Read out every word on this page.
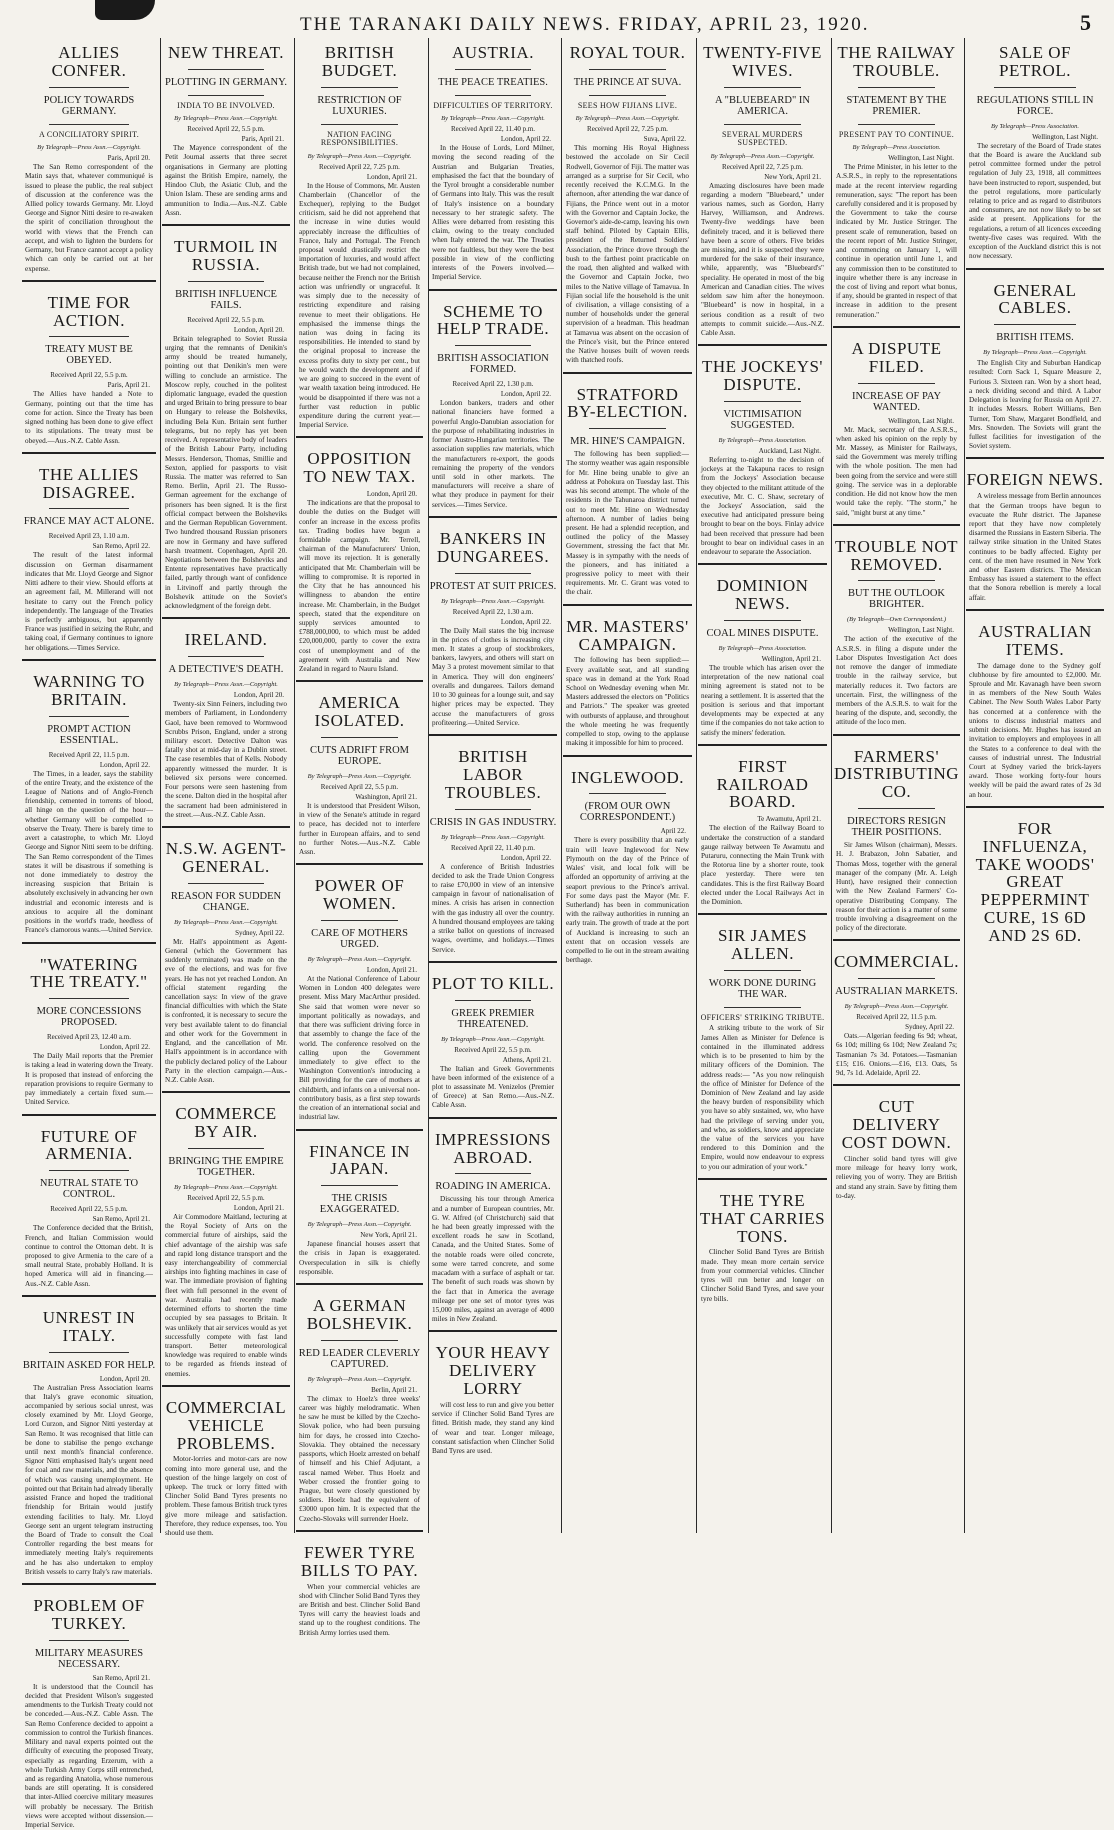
THE TARANAKI DAILY NEWS. FRIDAY, APRIL 23, 1920.	5
ALLIES CONFER.
POLICY TOWARDS GERMANY.
A CONCILIATORY SPIRIT.
By Telegraph—Press Assn.—Copyright.
Paris, April 20.
The San Remo correspondent of the Matin says that, whatever communiqué is issued to please the public, the real subject of discussion at the conference was the Allied policy towards Germany. Mr. Lloyd George and Signor Nitti desire to re-awaken the spirit of conciliation throughout the world with views that the French can accept, and wish to lighten the burdens for Germany, but France cannot accept a policy which can only be carried out at her expense.
TIME FOR ACTION.
TREATY MUST BE OBEYED.
Received April 22, 5.5 p.m.
Paris, April 21.
The Allies have handed a Note to Germany, pointing out that the time has come for action. Since the Treaty has been signed nothing has been done to give effect to its stipulations. The treaty must be obeyed.—Aus.-N.Z. Cable Assn.
THE ALLIES DISAGREE.
FRANCE MAY ACT ALONE.
Received April 23, 1.10 a.m.
San Remo, April 22.
The result of the latest informal discussion on German disarmament indicates that Mr. Lloyd George and Signor Nitti adhere to their view. Should efforts at an agreement fail, M. Millerand will not hesitate to carry out the French policy independently. The language of the Treaties is perfectly ambiguous, but apparently France was justified in seizing the Ruhr, and taking coal, if Germany continues to ignore her obligations.—Times Service.
WARNING TO BRITAIN.
PROMPT ACTION ESSENTIAL.
Received April 22, 11.5 p.m.
London, April 22.
The Times, in a leader, says the stability of the entire Treaty, and the existence of the League of Nations and of Anglo-French friendship, cemented in torrents of blood, all hinge on the question of the hour—whether Germany will be compelled to observe the Treaty. There is barely time to avert a catastrophe, to which Mr. Lloyd George and Signor Nitti seem to be drifting. The San Remo correspondent of the Times states it will be disastrous if something is not done immediately to destroy the increasing suspicion that Britain is absolutely exclusively in advancing her own industrial and economic interests and is anxious to acquire all the dominant positions in the world's trade, heedless of France's clamorous wants.—United Service.
"WATERING THE TREATY."
MORE CONCESSIONS PROPOSED.
Received April 23, 12.40 a.m.
London, April 22.
The Daily Mail reports that the Premier is taking a lead in watering down the Treaty. It is proposed that instead of enforcing the reparation provisions to require Germany to pay immediately a certain fixed sum.—United Service.
FUTURE OF ARMENIA.
NEUTRAL STATE TO CONTROL.
Received April 22, 5.5 p.m.
San Remo, April 21.
The Conference decided that the British, French, and Italian Commission would continue to control the Ottoman debt. It is proposed to give Armenia to the care of a small neutral State, probably Holland. It is hoped America will aid in financing.—Aus.-N.Z. Cable Assn.
UNREST IN ITALY.
BRITAIN ASKED FOR HELP.
London, April 20.
The Australian Press Association learns that Italy's grave economic situation, accompanied by serious social unrest, was closely examined by Mr. Lloyd George, Lord Curzon, and Signor Nitti yesterday at San Remo. It was recognised that little can be done to stabilise the pengo exchange until next month's financial conference. Signor Nitti emphasised Italy's urgent need for coal and raw materials, and the absence of which was causing unemployment. He pointed out that Britain had already liberally assisted France and hoped the traditional friendship for Britain would justify extending facilities to Italy. Mr. Lloyd George sent an urgent telegram instructing the Board of Trade to consult the Coal Controller regarding the best means for immediately meeting Italy's requirements and he has also undertaken to employ British vessels to carry Italy's raw materials.
PROBLEM OF TURKEY.
MILITARY MEASURES NECESSARY.
San Remo, April 21.
It is understood that the Council has decided that President Wilson's suggested amendments to the Turkish Treaty could not be conceded.—Aus.-N.Z. Cable Assn. The San Remo Conference decided to appoint a commission to control the Turkish finances. Military and naval experts pointed out the difficulty of executing the proposed Treaty, especially as regarding Erzerum, with a whole Turkish Army Corps still entrenched, and as regarding Anatolia, whose numerous bands are still operating. It is considered that inter-Allied coercive military measures will probably be necessary. The British views were accepted without dissension.—Imperial Service.
NEW THREAT.
PLOTTING IN GERMANY.
INDIA TO BE INVOLVED.
By Telegraph—Press Assn.—Copyright.
Received April 22, 5.5 p.m.
Paris, April 21.
The Mayence correspondent of the Petit Journal asserts that three secret organisations in Germany are plotting against the British Empire, namely, the Hindoo Club, the Asiatic Club, and the Union Islam. These are sending arms and ammunition to India.—Aus.-N.Z. Cable Assn.
TURMOIL IN RUSSIA.
BRITISH INFLUENCE FAILS.
Received April 22, 5.5 p.m.
London, April 20.
Britain telegraphed to Soviet Russia urging that the remnants of Denikin's army should be treated humanely, pointing out that Denikin's men were willing to conclude an armistice. The Moscow reply, couched in the politest diplomatic language, evaded the question and urged Britain to bring pressure to bear on Hungary to release the Bolsheviks, including Bela Kun. Britain sent further telegrams, but no reply has yet been received. A representative body of leaders of the British Labour Party, including Messrs. Henderson, Thomas, Smillie and Sexton, applied for passports to visit Russia. The matter was referred to San Remo. Berlin, April 21. The Russo-German agreement for the exchange of prisoners has been signed. It is the first official compact between the Bolsheviks and the German Republican Government. Two hundred thousand Russian prisoners are now in Germany and have suffered harsh treatment. Copenhagen, April 20. Negotiations between the Bolsheviks and Entente representatives have practically failed, partly through want of confidence in Litvinoff and partly through the Bolshevik attitude on the Soviet's acknowledgment of the foreign debt.
IRELAND.
A DETECTIVE'S DEATH.
By Telegraph—Press Assn.—Copyright.
London, April 20.
Twenty-six Sinn Feiners, including two members of Parliament, in Londonderry Gaol, have been removed to Wormwood Scrubbs Prison, England, under a strong military escort. Detective Dalton was fatally shot at mid-day in a Dublin street. The case resembles that of Kells. Nobody apparently witnessed the murder. It is believed six persons were concerned. Four persons were seen hastening from the scene. Dalton died in the hospital after the sacrament had been administered in the street.—Aus.-N.Z. Cable Assn.
N.S.W. AGENT-GENERAL.
REASON FOR SUDDEN CHANGE.
By Telegraph—Press Assn.—Copyright.
Sydney, April 22.
Mr. Hall's appointment as Agent-General (which the Government has suddenly terminated) was made on the eve of the elections, and was for five years. He has not yet reached London. An official statement regarding the cancellation says: In view of the grave financial difficulties with which the State is confronted, it is necessary to secure the very best available talent to do financial and other work for the Government in England, and the cancellation of Mr. Hall's appointment is in accordance with the publicly declared policy of the Labour Party in the election campaign.—Aus.-N.Z. Cable Assn.
COMMERCE BY AIR.
BRINGING THE EMPIRE TOGETHER.
By Telegraph—Press Assn.—Copyright.
Received April 22, 5.5 p.m.
London, April 21.
Air Commodore Maitland, lecturing at the Royal Society of Arts on the commercial future of airships, said the chief advantage of the airship was safe and rapid long distance transport and the easy interchangeability of commercial airships into fighting machines in case of war. The immediate provision of fighting fleet with full personnel in the event of war. Australia had recently made determined efforts to shorten the time occupied by sea passages to Britain. It was unlikely that air services would as yet successfully compete with fast land transport. Better meteorological knowledge was required to enable winds to be regarded as friends instead of enemies.
COMMERCIAL VEHICLE PROBLEMS.
Motor-lorries and motor-cars are now coming into more general use, and the question of the hinge largely on cost of upkeep. The truck or lorry fitted with Clincher Solid Band Tyres presents no problem. These famous British truck tyres give more mileage and satisfaction. Therefore, they reduce expenses, too. You should use them.
BRITISH BUDGET.
RESTRICTION OF LUXURIES.
NATION FACING RESPONSIBILITIES.
By Telegraph—Press Assn.—Copyright.
Received April 22, 7.25 p.m.
London, April 21.
In the House of Commons, Mr. Austen Chamberlain (Chancellor of the Exchequer), replying to the Budget criticism, said he did not apprehend that the increase in wine duties would appreciably increase the difficulties of France, Italy and Portugal. The French proposal would drastically restrict the importation of luxuries, and would affect British trade, but we had not complained, because neither the French nor the British action was unfriendly or ungraceful. It was simply due to the necessity of restricting expenditure and raising revenue to meet their obligations. He emphasised the immense things the nation was doing in facing its responsibilities. He intended to stand by the original proposal to increase the excess profits duty to sixty per cent., but he would watch the development and if we are going to succeed in the event of war wealth taxation being introduced. He would be disappointed if there was not a further vast reduction in public expenditure during the current year.—Imperial Service.
OPPOSITION TO NEW TAX.
London, April 20.
The indications are that the proposal to double the duties on the Budget will confer an increase in the excess profits tax. Trading bodies have begun a formidable campaign. Mr. Terrell, chairman of the Manufacturers' Union, will move its rejection. It is generally anticipated that Mr. Chamberlain will be willing to compromise. It is reported in the City that he has announced his willingness to abandon the entire increase. Mr. Chamberlain, in the Budget speech, stated that the expenditure on supply services amounted to £788,000,000, to which must be added £20,000,000, partly to cover the extra cost of unemployment and of the agreement with Australia and New Zealand in regard to Nauru Island.
AMERICA ISOLATED.
CUTS ADRIFT FROM EUROPE.
By Telegraph—Press Assn.—Copyright.
Received April 22, 5.5 p.m.
Washington, April 21.
It is understood that President Wilson, in view of the Senate's attitude in regard to peace, has decided not to interfere further in European affairs, and to send no further Notes.—Aus.-N.Z. Cable Assn.
POWER OF WOMEN.
CARE OF MOTHERS URGED.
By Telegraph—Press Assn.—Copyright.
London, April 21.
At the National Conference of Labour Women in London 400 delegates were present. Miss Mary MacArthur presided. She said that women were never so important politically as nowadays, and that there was sufficient driving force in that assembly to change the face of the world. The conference resolved on the calling upon the Government immediately to give effect to the Washington Convention's introducing a Bill providing for the care of mothers at childbirth, and infants on a universal non-contributory basis, as a first step towards the creation of an international social and industrial law.
FINANCE IN JAPAN.
THE CRISIS EXAGGERATED.
By Telegraph—Press Assn.—Copyright.
New York, April 21.
Japanese financial houses assert that the crisis in Japan is exaggerated. Overspeculation in silk is chiefly responsible.
A GERMAN BOLSHEVIK.
RED LEADER CLEVERLY CAPTURED.
By Telegraph—Press Assn.—Copyright.
Berlin, April 21.
The climax to Hoelz's three weeks' career was highly melodramatic. When he saw he must be killed by the Czecho-Slovak police, who had been pursuing him for days, he crossed into Czecho-Slovakia. They obtained the necessary passports, which Hoelz arrested on behalf of himself and his Chief Adjutant, a rascal named Weber. Thus Hoelz and Weber crossed the frontier going to Prague, but were closely questioned by soldiers. Hoelz had the equivalent of £3000 upon him. It is expected that the Czecho-Slovaks will surrender Hoelz.
FEWER TYRE BILLS TO PAY.
When your commercial vehicles are shod with Clincher Solid Band Tyres they are British and best. Clincher Solid Band Tyres will carry the heaviest loads and stand up to the roughest conditions. The British Army lorries used them.
AUSTRIA.
THE PEACE TREATIES.
DIFFICULTIES OF TERRITORY.
By Telegraph—Press Assn.—Copyright.
Received April 22, 11.40 p.m.
London, April 22.
In the House of Lords, Lord Milner, moving the second reading of the Austrian and Bulgarian Treaties, emphasised the fact that the boundary of the Tyrol brought a considerable number of Germans into Italy. This was the result of Italy's insistence on a boundary necessary to her strategic safety. The Allies were debarred from resisting this claim, owing to the treaty concluded when Italy entered the war. The Treaties were not faultless, but they were the best possible in view of the conflicting interests of the Powers involved.—Imperial Service.
SCHEME TO HELP TRADE.
BRITISH ASSOCIATION FORMED.
Received April 22, 1.30 p.m.
London, April 22.
London bankers, traders and other national financiers have formed a powerful Anglo-Danubian association for the purpose of rehabilitating industries in former Austro-Hungarian territories. The association supplies raw materials, which the manufacturers re-export, the goods remaining the property of the vendors until sold in other markets. The manufacturers will receive a share of what they produce in payment for their services.—Times Service.
BANKERS IN DUNGAREES.
PROTEST AT SUIT PRICES.
By Telegraph—Press Assn.—Copyright.
Received April 22, 1.30 a.m.
London, April 22.
The Daily Mail states the big increase in the prices of clothes is increasing city men. It states a group of stockbrokers, bankers, lawyers, and others will start on May 3 a protest movement similar to that in America. They will don engineers' overalls and dungarees. Tailors demand 10 to 30 guineas for a lounge suit, and say higher prices may be expected. They accuse the manufacturers of gross profiteering.—United Service.
BRITISH LABOR TROUBLES.
CRISIS IN GAS INDUSTRY.
By Telegraph—Press Assn.—Copyright.
Received April 22, 11.40 p.m.
London, April 22.
A conference of British Industries decided to ask the Trade Union Congress to raise £70,000 in view of an intensive campaign in favour of nationalisation of mines. A crisis has arisen in connection with the gas industry all over the country. A hundred thousand employees are taking a strike ballot on questions of increased wages, overtime, and holidays.—Times Service.
PLOT TO KILL.
GREEK PREMIER THREATENED.
By Telegraph—Press Assn.—Copyright.
Received April 22, 5.5 p.m.
Athens, April 21.
The Italian and Greek Governments have been informed of the existence of a plot to assassinate M. Venizelos (Premier of Greece) at San Remo.—Aus.-N.Z. Cable Assn.
IMPRESSIONS ABROAD.
ROADING IN AMERICA.
Discussing his tour through America and a number of European countries, Mr. G. W. Alfred (of Christchurch) said that he had been greatly impressed with the excellent roads he saw in Scotland, Canada, and the United States. Some of the notable roads were oiled concrete, some were tarred concrete, and some macadam with a surface of asphalt or tar. The benefit of such roads was shown by the fact that in America the average mileage per one set of motor tyres was 15,000 miles, against an average of 4000 miles in New Zealand.
YOUR HEAVY DELIVERY LORRY
will cost less to run and give you better service if Clincher Solid Band Tyres are fitted. British made, they stand any kind of wear and tear. Longer mileage, constant satisfaction when Clincher Solid Band Tyres are used.
ROYAL TOUR.
THE PRINCE AT SUVA.
SEES HOW FIJIANS LIVE.
By Telegraph—Press Assn.—Copyright.
Received April 22, 7.25 p.m.
Suva, April 22.
This morning His Royal Highness bestowed the accolade on Sir Cecil Rodwell, Governor of Fiji. The matter was arranged as a surprise for Sir Cecil, who recently received the K.C.M.G. In the afternoon, after attending the war dance of Fijians, the Prince went out in a motor with the Governor and Captain Jocke, the Governor's aide-de-camp, leaving his own staff behind. Piloted by Captain Ellis, president of the Returned Soldiers' Association, the Prince drove through the bush to the farthest point practicable on the road, then alighted and walked with the Governor and Captain Jocke, two miles to the Native village of Tamavua. In Fijian social life the household is the unit of civilisation, a village consisting of a number of households under the general supervision of a headman. This headman at Tamavua was absent on the occasion of the Prince's visit, but the Prince entered the Native houses built of woven reeds with thatched roofs.
STRATFORD BY-ELECTION.
MR. HINE'S CAMPAIGN.
The following has been supplied:— The stormy weather was again responsible for Mr. Hine being unable to give an address at Pohokura on Tuesday last. This was his second attempt. The whole of the residents in the Tahunaroa district turned out to meet Mr. Hine on Wednesday afternoon. A number of ladies being present. He had a splendid reception, and outlined the policy of the Massey Government, stressing the fact that Mr. Massey is in sympathy with the needs of the pioneers, and has initiated a progressive policy to meet with their requirements. Mr. C. Grant was voted to the chair.
MR. MASTERS' CAMPAIGN.
The following has been supplied:—Every available seat, and all standing space was in demand at the York Road School on Wednesday evening when Mr. Masters addressed the electors on "Politics and Patriots." The speaker was greeted with outbursts of applause, and throughout the whole meeting he was frequently compelled to stop, owing to the applause making it impossible for him to proceed.
INGLEWOOD.
(FROM OUR OWN CORRESPONDENT.)
April 22.
There is every possibility that an early train will leave Inglewood for New Plymouth on the day of the Prince of Wales' visit, and local folk will be afforded an opportunity of arriving at the seaport previous to the Prince's arrival. For some days past the Mayor (Mr. F. Sutherland) has been in communication with the railway authorities in running an early train. The growth of trade at the port of Auckland is increasing to such an extent that on occasion vessels are compelled to lie out in the stream awaiting berthage.
TWENTY-FIVE WIVES.
A "BLUEBEARD" IN AMERICA.
SEVERAL MURDERS SUSPECTED.
By Telegraph—Press Assn.—Copyright.
Received April 22, 7.25 p.m.
New York, April 21.
Amazing disclosures have been made regarding a modern "Bluebeard," under various names, such as Gordon, Harry Harvey, Williamson, and Andrews. Twenty-five weddings have been definitely traced, and it is believed there have been a score of others. Five brides are missing, and it is suspected they were murdered for the sake of their insurance, while, apparently, was "Bluebeard's" speciality. He operated in most of the big American and Canadian cities. The wives seldom saw him after the honeymoon. "Bluebeard" is now in hospital, in a serious condition as a result of two attempts to commit suicide.—Aus.-N.Z. Cable Assn.
THE JOCKEYS' DISPUTE.
VICTIMISATION SUGGESTED.
By Telegraph—Press Association.
Auckland, Last Night.
Referring to-night to the decision of jockeys at the Takapuna races to resign from the Jockeys' Association because they objected to the militant attitude of the executive, Mr. C. C. Shaw, secretary of the Jockeys' Association, said the executive had anticipated pressure being brought to bear on the boys. Finlay advice had been received that pressure had been brought to bear on individual cases in an endeavour to separate the Association.
DOMINION NEWS.
COAL MINES DISPUTE.
By Telegraph—Press Association.
Wellington, April 21.
The trouble which has arisen over the interpretation of the new national coal mining agreement is stated not to be nearing a settlement. It is asserted that the position is serious and that important developments may be expected at any time if the companies do not take action to satisfy the miners' federation.
FIRST RAILROAD BOARD.
Te Awamutu, April 21.
The election of the Railway Board to undertake the construction of a standard gauge railway between Te Awamutu and Putaruru, connecting the Main Trunk with the Rotorua line by a shorter route, took place yesterday. There were ten candidates. This is the first Railway Board elected under the Local Railways Act in the Dominion.
SIR JAMES ALLEN.
WORK DONE DURING THE WAR.
OFFICERS' STRIKING TRIBUTE.
A striking tribute to the work of Sir James Allen as Minister for Defence is contained in the illuminated address which is to be presented to him by the military officers of the Dominion. The address reads:— "As you now relinquish the office of Minister for Defence of the Dominion of New Zealand and lay aside the heavy burden of responsibility which you have so ably sustained, we, who have had the privilege of serving under you, and who, as soldiers, know and appreciate the value of the services you have rendered to this Dominion and the Empire, would now endeavour to express to you our admiration of your work."
THE TYRE THAT CARRIES TONS.
Clincher Solid Band Tyres are British made. They mean more certain service from your commercial vehicles. Clincher tyres will run better and longer on Clincher Solid Band Tyres, and save your tyre bills.
THE RAILWAY TROUBLE.
STATEMENT BY THE PREMIER.
PRESENT PAY TO CONTINUE.
By Telegraph—Press Association.
Wellington, Last Night.
The Prime Minister, in his letter to the A.S.R.S., in reply to the representations made at the recent interview regarding remuneration, says: "The report has been carefully considered and it is proposed by the Government to take the course indicated by Mr. Justice Stringer. The present scale of remuneration, based on the recent report of Mr. Justice Stringer, and commencing on January 1, will continue in operation until June 1, and any commission then to be constituted to inquire whether there is any increase in the cost of living and report what bonus, if any, should be granted in respect of that increase in addition to the present remuneration."
A DISPUTE FILED.
INCREASE OF PAY WANTED.
Wellington, Last Night.
Mr. Mack, secretary of the A.S.R.S., when asked his opinion on the reply by Mr. Massey, as Minister for Railways, said the Government was merely trifling with the whole position. The men had been going from the service and were still going. The service was in a deplorable condition. He did not know how the men would take the reply. "The storm," he said, "might burst at any time."
TROUBLE NOT REMOVED.
BUT THE OUTLOOK BRIGHTER.
(By Telegraph—Own Correspondent.)
Wellington, Last Night.
The action of the executive of the A.S.R.S. in filing a dispute under the Labor Disputes Investigation Act does not remove the danger of immediate trouble in the railway service, but materially reduces it. Two factors are uncertain. First, the willingness of the members of the A.S.R.S. to wait for the hearing of the dispute, and, secondly, the attitude of the loco men.
FARMERS' DISTRIBUTING CO.
DIRECTORS RESIGN THEIR POSITIONS.
Sir James Wilson (chairman), Messrs. H. J. Brabazon, John Sabatier, and Thomas Moss, together with the general manager of the company (Mr. A. Leigh Hunt), have resigned their connection with the New Zealand Farmers' Co-operative Distributing Company. The reason for their action is a matter of some trouble involving a disagreement on the policy of the directorate.
COMMERCIAL.
AUSTRALIAN MARKETS.
By Telegraph—Press Assn.—Copyright.
Received April 22, 11.5 p.m.
Sydney, April 22.
Oats.—Algerian feeding 6s 9d; wheat, 6s 10d; milling 6s 10d; New Zealand 7s; Tasmanian 7s 3d. Potatoes.—Tasmanian £15; £16. Onions.—£16, £13. Oats, 5s 9d, 7s 1d. Adelaide, April 22.
CUT DELIVERY COST DOWN.
Clincher solid band tyres will give more mileage for heavy lorry work, relieving you of worry. They are British and stand any strain. Save by fitting them to-day.
SALE OF PETROL.
REGULATIONS STILL IN FORCE.
By Telegraph—Press Association.
Wellington, Last Night.
The secretary of the Board of Trade states that the Board is aware the Auckland sub petrol committee formed under the petrol regulation of July 23, 1918, all committees have been instructed to report, suspended, but the petrol regulations, more particularly relating to price and as regard to distributors and consumers, are not now likely to be set aside at present. Applications for the regulations, a return of all licences exceeding twenty-five cases was required. With the exception of the Auckland district this is not now necessary.
GENERAL CABLES.
BRITISH ITEMS.
By Telegraph—Press Assn.—Copyright.
The English City and Suburban Handicap resulted: Corn Sack 1, Square Measure 2, Furious 3. Sixteen ran. Won by a short head, a neck dividing second and third. A Labor Delegation is leaving for Russia on April 27. It includes Messrs. Robert Williams, Ben Turner, Tom Shaw, Margaret Bondfield, and Mrs. Snowden. The Soviets will grant the fullest facilities for investigation of the Soviet system.
FOREIGN NEWS.
A wireless message from Berlin announces that the German troops have begun to evacuate the Ruhr district. The Japanese report that they have now completely disarmed the Russians in Eastern Siberia. The railway strike situation in the United States continues to be badly affected. Eighty per cent. of the men have resumed in New York and other Eastern districts. The Mexican Embassy has issued a statement to the effect that the Sonora rebellion is merely a local affair.
AUSTRALIAN ITEMS.
The damage done to the Sydney golf clubhouse by fire amounted to £2,000. Mr. Sproule and Mr. Kavanagh have been sworn in as members of the New South Wales Cabinet. The New South Wales Labor Party has concerned at a conference with the unions to discuss industrial matters and submit decisions. Mr. Hughes has issued an invitation to employers and employees in all the States to a conference to deal with the causes of industrial unrest. The Industrial Court at Sydney varied the brick-layers award. Those working forty-four hours weekly will be paid the award rates of 2s 3d an hour.
FOR INFLUENZA, TAKE WOODS' GREAT PEPPERMINT CURE, 1S 6D AND 2S 6D.
